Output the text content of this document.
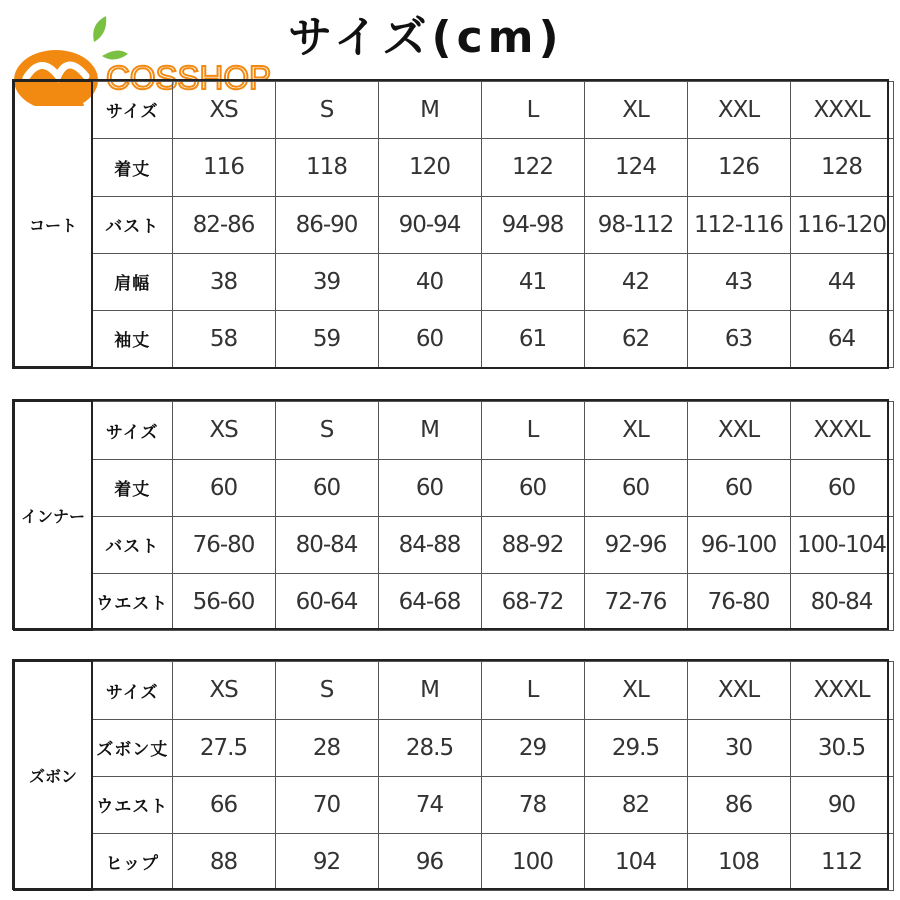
COSSHOP
サイズ(cm)
コート	サイズ	XS	S	M	L	XL	XXL	XXXL
	着丈	116	118	120	122	124	126	128
	バスト	82-86	86-90	90-94	94-98	98-112	112-116	116-120
	肩幅	38	39	40	41	42	43	44
	袖丈	58	59	60	61	62	63	64
インナー	サイズ	XS	S	M	L	XL	XXL	XXXL
	着丈	60	60	60	60	60	60	60
	バスト	76-80	80-84	84-88	88-92	92-96	96-100	100-104
	ウエスト	56-60	60-64	64-68	68-72	72-76	76-80	80-84
ズボン	サイズ	XS	S	M	L	XL	XXL	XXXL
	ズボン丈	27.5	28	28.5	29	29.5	30	30.5
	ウエスト	66	70	74	78	82	86	90
	ヒップ	88	92	96	100	104	108	112
